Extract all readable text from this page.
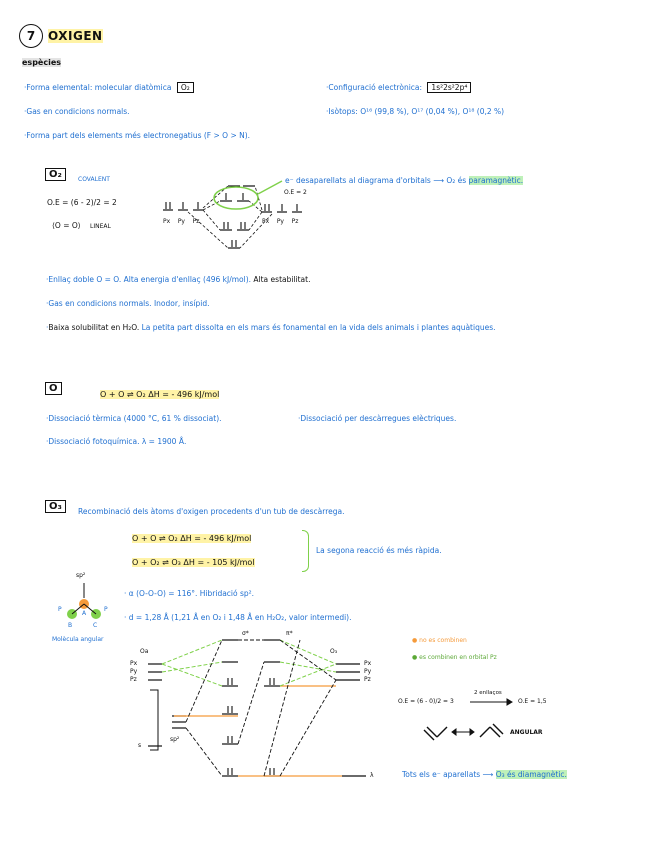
7 OXIGEN
espècies
·Forma elemental: molecular diatòmica O₂
·Gas en condicions normals.
·Forma part dels elements més electronegatius (F > O > N).
·Configuració electrònica: 1s²2s²2p⁴
·Isòtops: O¹⁶ (99,8 %), O¹⁷ (0,04 %), O¹⁸ (0,2 %)
O₂	COVALENT
O.E = (6 - 2)/2 = 2
⟨O = O⟩ LINEAL
O.E = 2
e⁻ desaparellats al diagrama d'orbitals ⟶ O₂ és paramagnètic.
Px Py Pz	Px Py Pz
·Enllaç doble O = O. Alta energia d'enllaç (496 kJ/mol). Alta estabilitat.
·Gas en condicions normals. Inodor, insípid.
·Baixa solubilitat en H₂O. La petita part dissolta en els mars és fonamental en la vida dels animals i plantes aquàtiques.
O
O + O ⇌ O₂ ΔH = - 496 kJ/mol
·Dissociació tèrmica (4000 °C, 61 % dissociat).	·Dissociació per descàrregues elèctriques.
·Dissociació fotoquímica. λ = 1900 Å.
O₃	Recombinació dels àtoms d'oxigen procedents d'un tub de descàrrega.
O + O ⇌ O₂ ΔH = - 496 kJ/mol
O + O₂ ⇌ O₃ ΔH = - 105 kJ/mol
La segona reacció és més ràpida.
sp²
P	P
A
B	C
Molècula angular
· α (O-O-O) = 116°. Hibridació sp².
· d = 1,28 Å (1,21 Å en O₂ i 1,48 Å en H₂O₂, valor intermedi).
● no es combinen
● es combinen en orbital Pz
Oa	O₃
σ*	π*
Px
Py
Pz
Px
Py
Pz
s
sp²
λ
O.E = (6 - 0)/2 = 3
2 enllaços
O.E = 1,5
ANGULAR
Tots els e⁻ aparellats ⟶ O₃ és diamagnètic.
